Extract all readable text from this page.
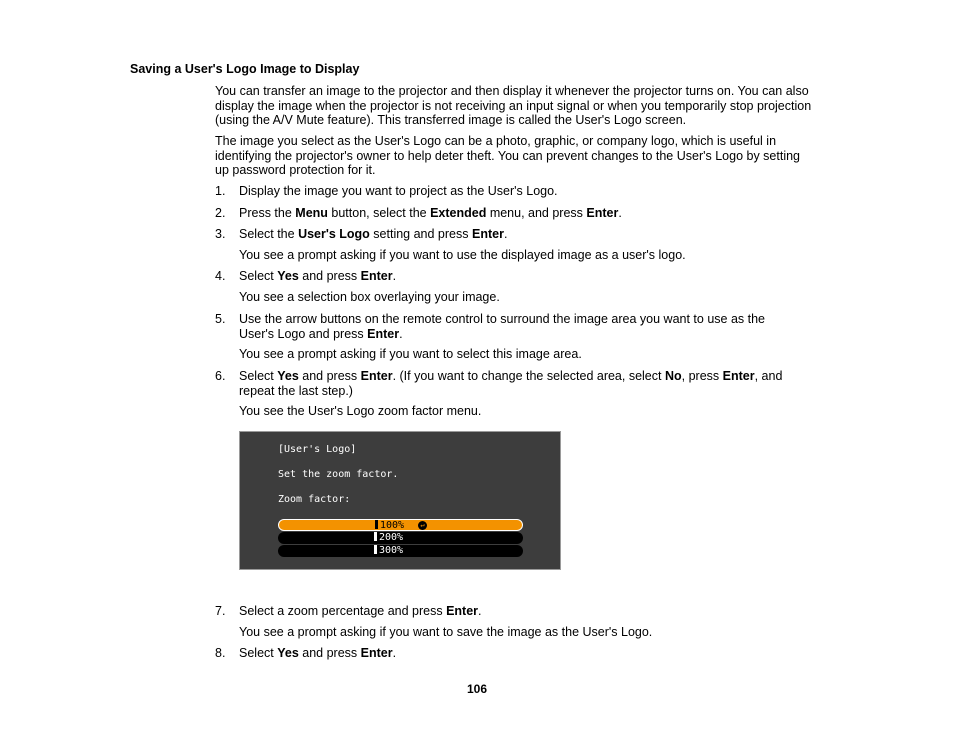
Saving a User's Logo Image to Display
You can transfer an image to the projector and then display it whenever the projector turns on. You can also display the image when the projector is not receiving an input signal or when you temporarily stop projection (using the A/V Mute feature). This transferred image is called the User's Logo screen.
The image you select as the User's Logo can be a photo, graphic, or company logo, which is useful in identifying the projector's owner to help deter theft. You can prevent changes to the User's Logo by setting up password protection for it.
1. Display the image you want to project as the User's Logo.
2. Press the Menu button, select the Extended menu, and press Enter.
3. Select the User's Logo setting and press Enter.
You see a prompt asking if you want to use the displayed image as a user's logo.
4. Select Yes and press Enter.
You see a selection box overlaying your image.
5. Use the arrow buttons on the remote control to surround the image area you want to use as the User's Logo and press Enter.
You see a prompt asking if you want to select this image area.
6. Select Yes and press Enter. (If you want to change the selected area, select No, press Enter, and repeat the last step.)
You see the User's Logo zoom factor menu.
[User's Logo]
Set the zoom factor.
Zoom factor:
100%	↵
200%
300%
7. Select a zoom percentage and press Enter.
You see a prompt asking if you want to save the image as the User's Logo.
8. Select Yes and press Enter.
106
